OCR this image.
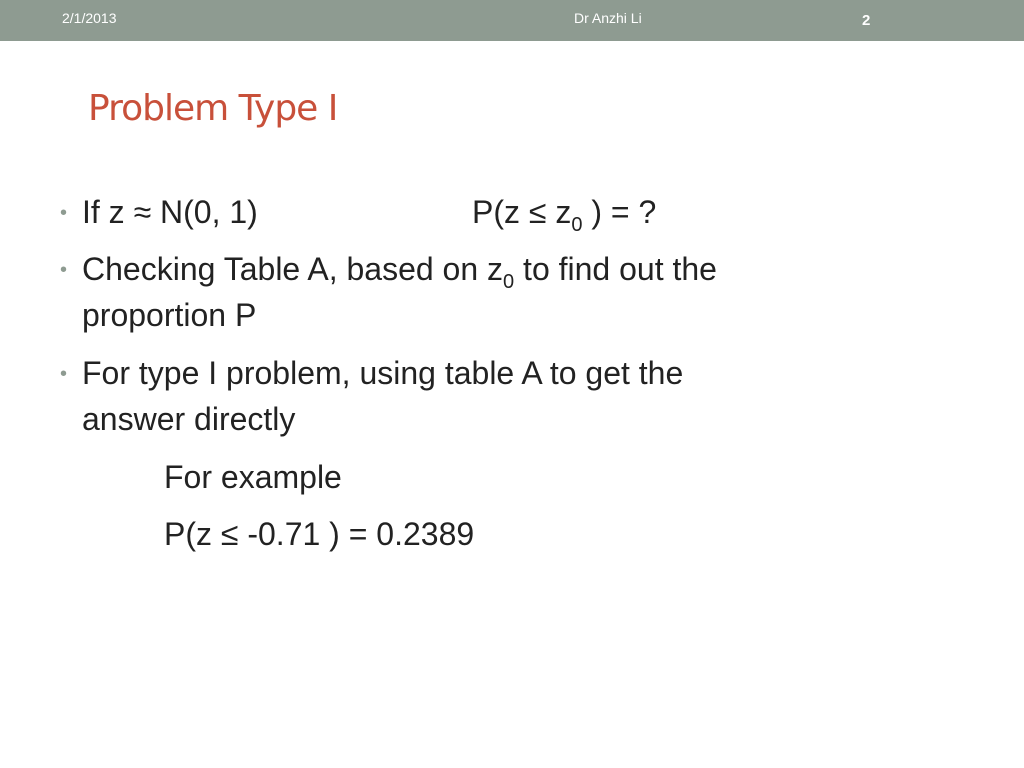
2/1/2013	Dr Anzhi Li	2
Problem Type I
• If z ≈ N(0, 1)	$P(z \le z_0$ ) = ?
• Checking Table A, based on $z_0$ to find out the
proportion P
• For type I problem, using table A to get the
answer directly
For example
P(z ≤ -0.71 ) = 0.2389
